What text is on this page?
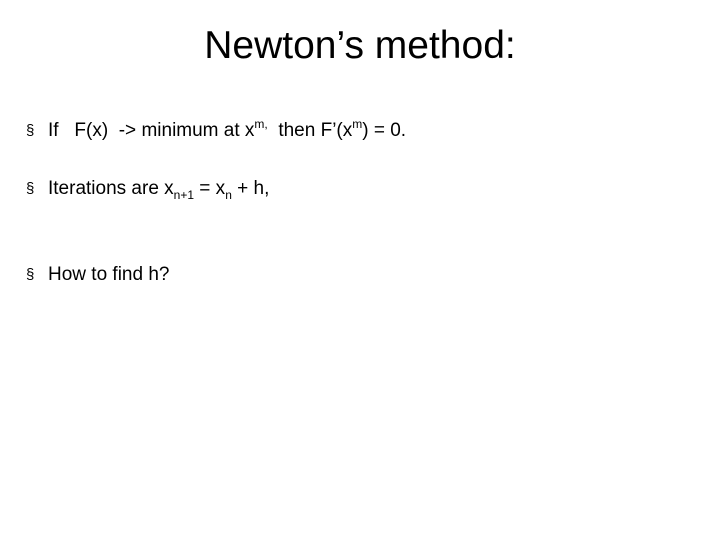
Newton’s method:
§ If F(x) -> minimum at $x^{m,}$ then $F’(x^m) = 0$.
§ Iterations are $x_{n+1} = x_n + h$,
§ How to find h?
